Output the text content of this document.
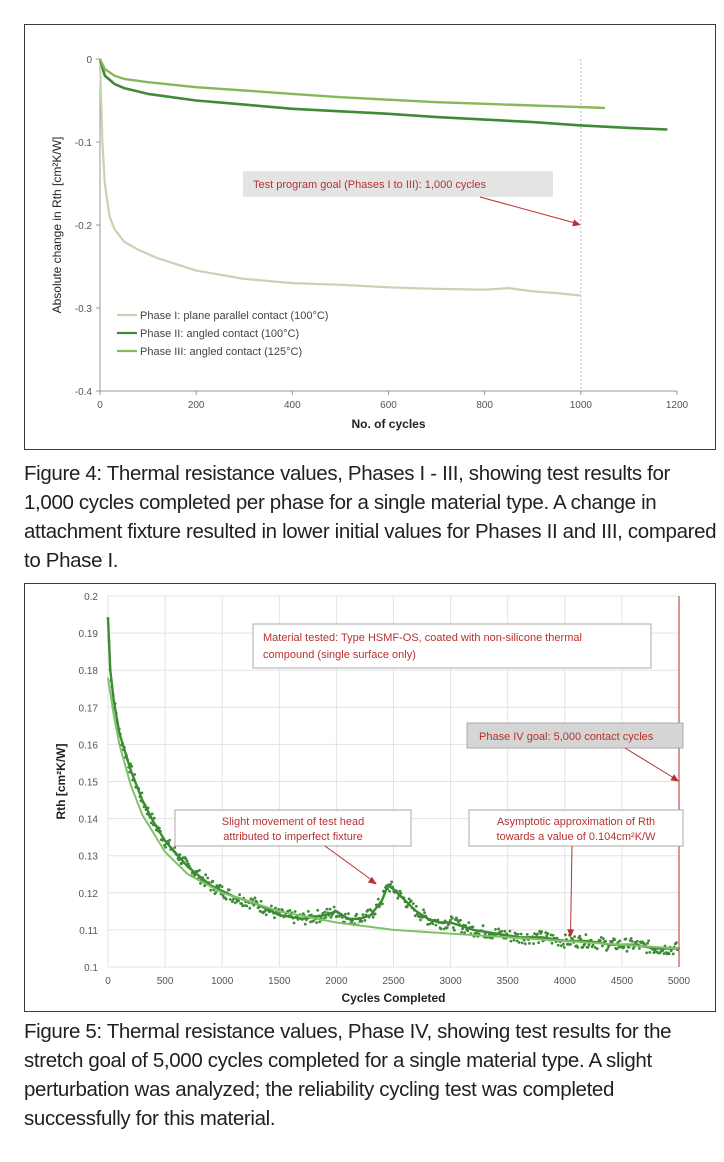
0
-0.1
-0.2
-0.3
-0.4
0	200	400	600	800	1000	1200
No. of cycles
Absolute change in Rth [cm²K/W]	Test program goal (Phases I to III): 1,000 cycles
Phase I: plane parallel contact (100°C)
Phase II: angled contact (100°C)
Phase III: angled contact (125°C)
Figure 4: Thermal resistance values, Phases I - III, showing test results for 1,000 cycles completed per phase for a single material type. A change in attachment fixture resulted in lower initial values for Phases II and III, compared to Phase I.
0.2
0.19
0.18
0.17
0.16
0.15
0.14
0.13
0.12
0.11
0.1
0	500	1000	1500	2000	2500	3000	3500	4000	4500	5000
Cycles Completed
Rth [cm²K/W]
Material tested: Type HSMF-OS, coated with non-silicone thermal
compound (single surface only)
Phase IV goal: 5,000 contact cycles
Slight movement of test head
attributed to imperfect fixture
Asymptotic approximation of Rth
towards a value of 0.104cm²K/W
Figure 5: Thermal resistance values, Phase IV, showing test results for the stretch goal of 5,000 cycles completed for a single material type. A slight perturbation was analyzed; the reliability cycling test was completed successfully for this material.
